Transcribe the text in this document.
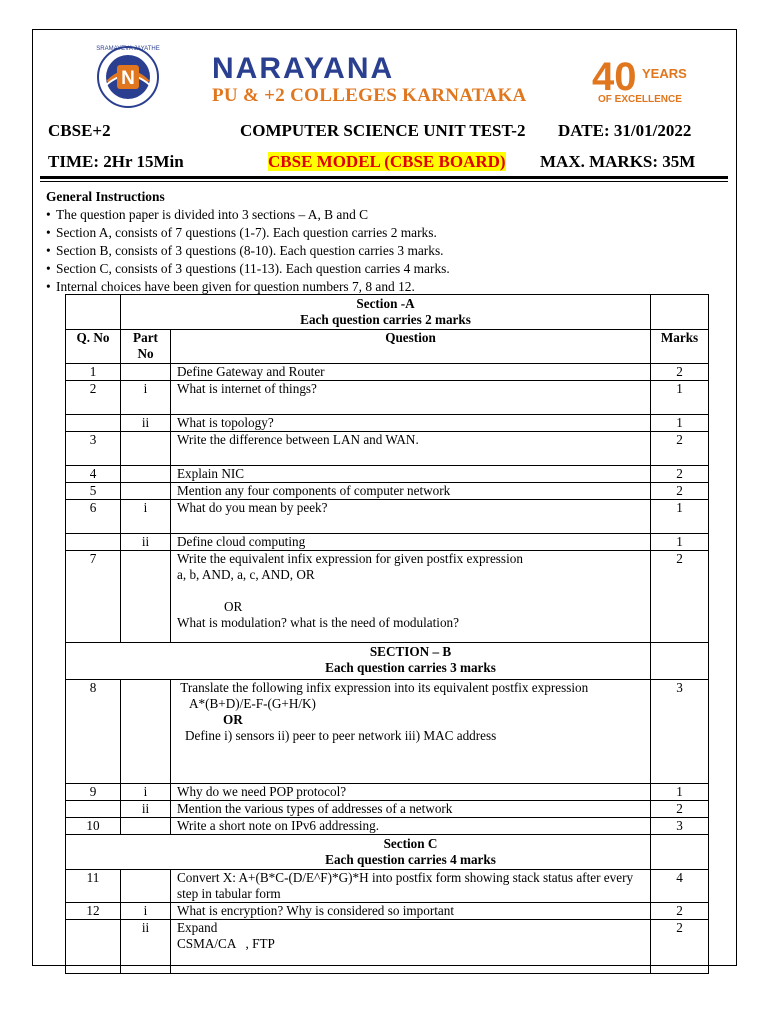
N
SRAMAYEVA JAYATHE
NARAYANA
PU & +2 COLLEGES KARNATAKA 40 YEARS
OF EXCELLENCE
CBSE+2	COMPUTER SCIENCE UNIT TEST-2 DATE: 31/01/2022
TIME: 2Hr 15Min	CBSE MODEL (CBSE BOARD) MAX. MARKS: 35M
General Instructions
• The question paper is divided into 3 sections – A, B and C
• Section A, consists of 7 questions (1-7). Each question carries 2 marks.
• Section B, consists of 3 questions (8-10). Each question carries 3 marks.
• Section C, consists of 3 questions (11-13). Each question carries 4 marks.
• Internal choices have been given for question numbers 7, 8 and 12.

	Section -A
Each question carries 2 marks		

Q. No	Part No	Question	Marks
1		Define Gateway and Router	2
2	i	What is internet of things?	1
	ii	What is topology?	1
3		Write the difference between LAN and WAN.	2
4		Explain NIC	2
5		Mention any four components of computer network	2
6	i	What do you mean by peek?	1
	ii	Define cloud computing	1
7		Write the equivalent infix expression for given postfix expression
a, b, AND, a, c, AND, OR
OR
What is modulation? what is the need of modulation?	2

SECTION – B
Each question carries 3 marks			

8		Translate the following infix expression into its equivalent postfix expression
A*(B+D)/E-F-(G+H/K)
OR
Define i) sensors ii) peer to peer network iii) MAC address	3
9	i	Why do we need POP protocol?	1
	ii	Mention the various types of addresses of a network	2
10		Write a short note on IPv6 addressing.	3

Section C
Each question carries 4 marks			

11		Convert X: A+(B*C-(D/E^F)*G)*H into postfix form showing stack status after every step in tabular form	4
12	i	What is encryption? Why is considered so important	2
	ii	Expand
CSMA/CA   , FTP	2
